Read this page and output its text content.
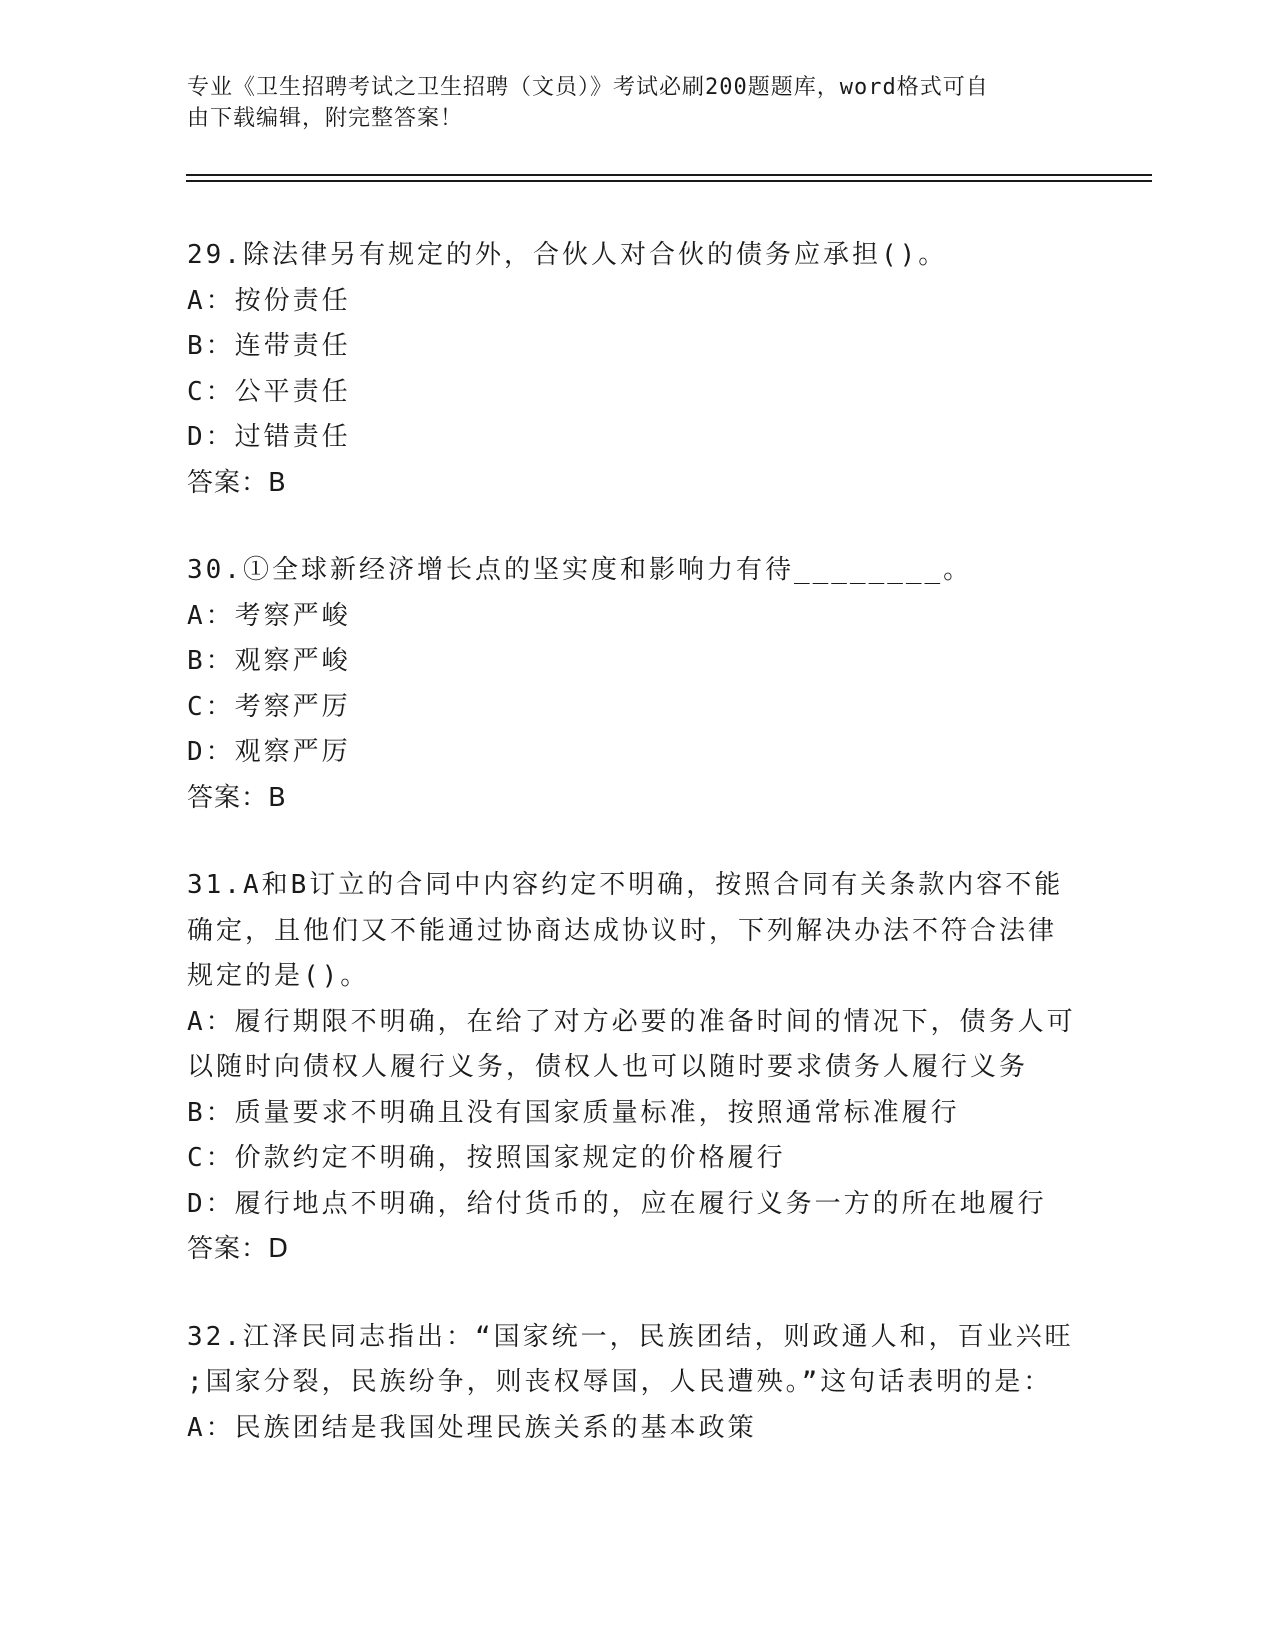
专业《卫生招聘考试之卫生招聘（文员）》考试必刷200题题库，word格式可自
由下载编辑，附完整答案！
29.除法律另有规定的外，合伙人对合伙的债务应承担()。
A：按份责任
B：连带责任
C：公平责任
D：过错责任
答案：B
30.①全球新经济增长点的坚实度和影响力有待________。
A：考察严峻
B：观察严峻
C：考察严厉
D：观察严厉
答案：B
31.A和B订立的合同中内容约定不明确，按照合同有关条款内容不能
确定，且他们又不能通过协商达成协议时，下列解决办法不符合法律
规定的是()。
A：履行期限不明确，在给了对方必要的准备时间的情况下，债务人可
以随时向债权人履行义务，债权人也可以随时要求债务人履行义务
B：质量要求不明确且没有国家质量标准，按照通常标准履行
C：价款约定不明确，按照国家规定的价格履行
D：履行地点不明确，给付货币的，应在履行义务一方的所在地履行
答案：D
32.江泽民同志指出：“国家统一，民族团结，则政通人和，百业兴旺
;国家分裂，民族纷争，则丧权辱国，人民遭殃。”这句话表明的是：
A：民族团结是我国处理民族关系的基本政策
